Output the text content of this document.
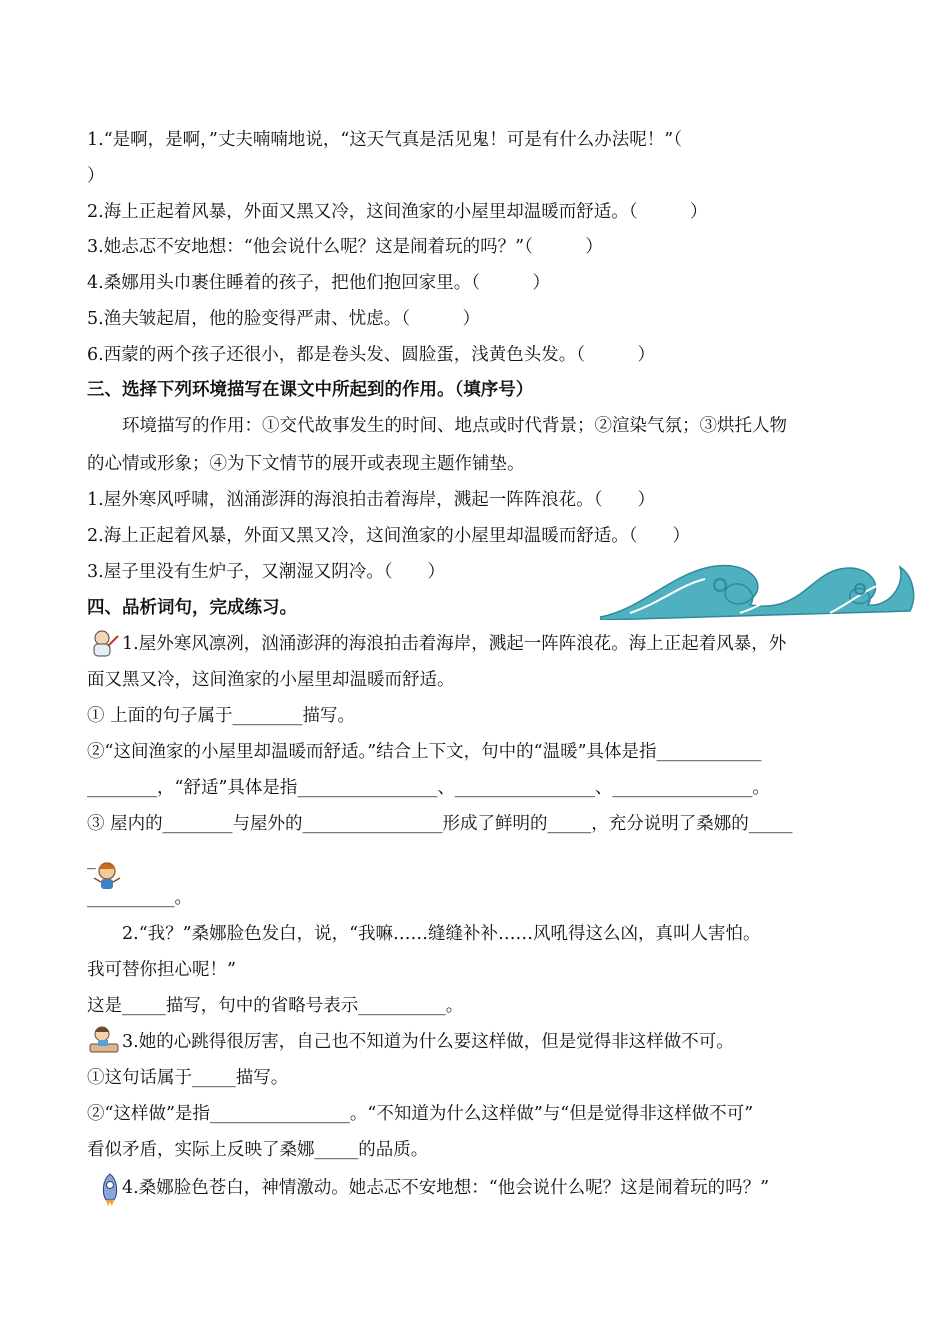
1.“是啊，是啊，”丈夫喃喃地说，“这天气真是活见鬼！可是有什么办法呢！”（
）
2.海上正起着风暴，外面又黑又冷，这间渔家的小屋里却温暖而舒适。（　　　）
3.她忐忑不安地想：“他会说什么呢？这是闹着玩的吗？”（　　　）
4.桑娜用头巾裹住睡着的孩子，把他们抱回家里。（　　　）
5.渔夫皱起眉，他的脸变得严肃、忧虑。（　　　）
6.西蒙的两个孩子还很小，都是卷头发、圆脸蛋，浅黄色头发。（　　　）
三、选择下列环境描写在课文中所起到的作用。（填序号）
环境描写的作用：①交代故事发生的时间、地点或时代背景；②渲染气氛；③烘托人物
的心情或形象；④为下文情节的展开或表现主题作铺垫。
1.屋外寒风呼啸，汹涌澎湃的海浪拍击着海岸，溅起一阵阵浪花。（　　）
2.海上正起着风暴，外面又黑又冷，这间渔家的小屋里却温暖而舒适。（　　）
3.屋子里没有生炉子，又潮湿又阴冷。（　　）
四、品析词句，完成练习。
1.屋外寒风凛冽，汹涌澎湃的海浪拍击着海岸，溅起一阵阵浪花。海上正起着风暴，外
面又黑又冷，这间渔家的小屋里却温暖而舒适。
① 上面的句子属于________描写。
②“这间渔家的小屋里却温暖而舒适。”结合上下文，句中的“温暖”具体是指____________
________，“舒适”具体是指________________、________________、________________。
③ 屋内的________与屋外的________________形成了鲜明的_____，充分说明了桑娜的_____
_
__________。
2.“我？”桑娜脸色发白，说，“我嘛……缝缝补补……风吼得这么凶，真叫人害怕。
我可替你担心呢！”
这是_____描写，句中的省略号表示__________。
3.她的心跳得很厉害，自己也不知道为什么要这样做，但是觉得非这样做不可。
①这句话属于_____描写。
②“这样做”是指________________。“不知道为什么这样做”与“但是觉得非这样做不可”
看似矛盾，实际上反映了桑娜_____的品质。
4.桑娜脸色苍白，神情激动。她忐忑不安地想：“他会说什么呢？这是闹着玩的吗？”
